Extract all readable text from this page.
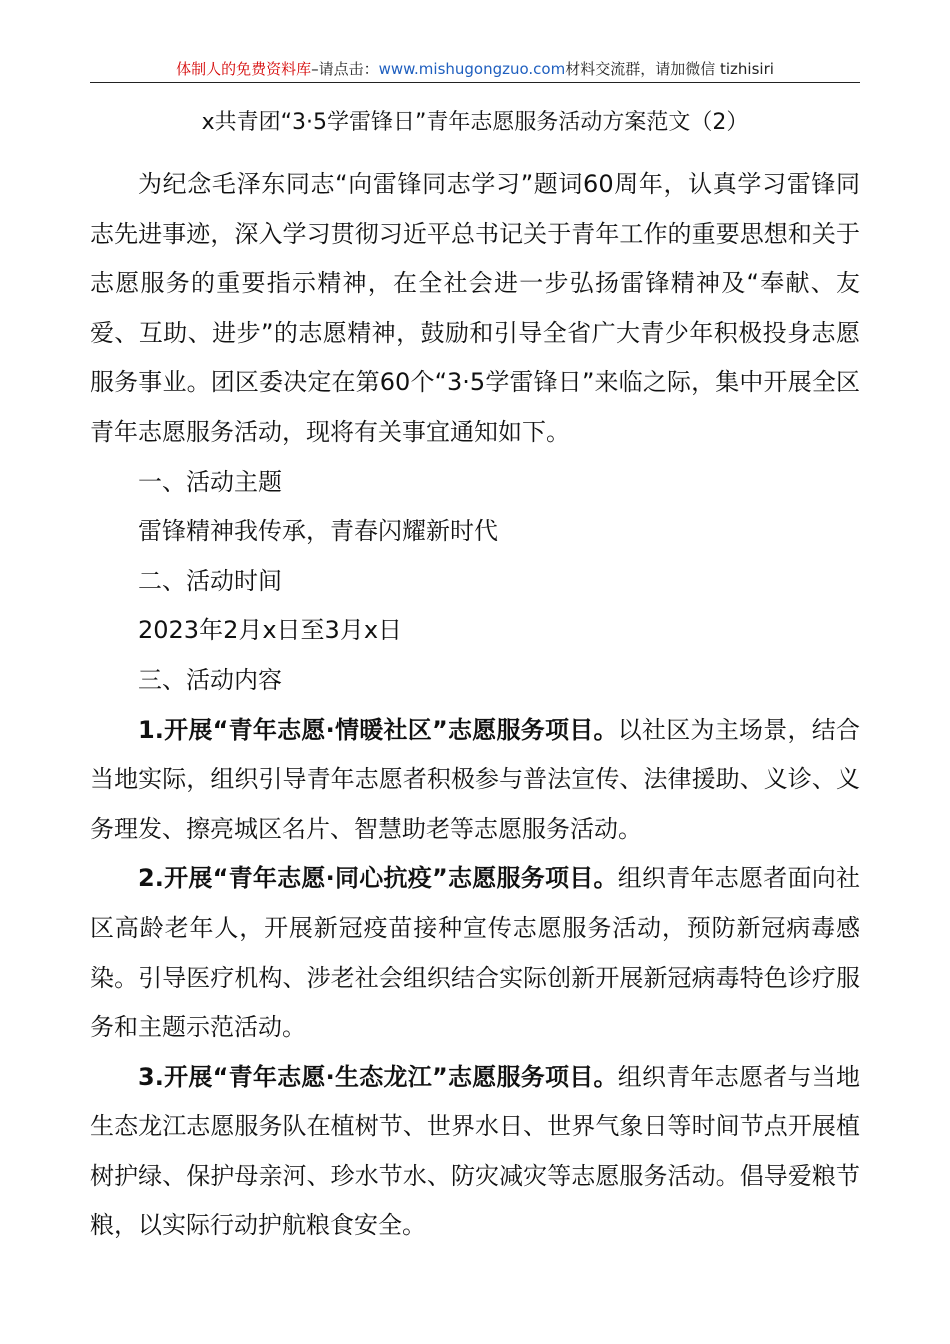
体制人的免费资料库–请点击：www.mishugongzuo.com材料交流群，请加微信 tizhisiri
x共青团“3·5学雷锋日”青年志愿服务活动方案范文（2）

为纪念毛泽东同志“向雷锋同志学习”题词60周年，认真学习雷锋同志先进事迹，深入学习贯彻习近平总书记关于青年工作的重要思想和关于志愿服务的重要指示精神，在全社会进一步弘扬雷锋精神及“奉献、友爱、互助、进步”的志愿精神，鼓励和引导全省广大青少年积极投身志愿服务事业。团区委决定在第60个“3·5学雷锋日”来临之际，集中开展全区青年志愿服务活动，现将有关事宜通知如下。

一、活动主题

雷锋精神我传承，青春闪耀新时代

二、活动时间

2023年2月x日至3月x日

三、活动内容

1.开展“青年志愿·情暖社区”志愿服务项目。以社区为主场景，结合当地实际，组织引导青年志愿者积极参与普法宣传、法律援助、义诊、义务理发、擦亮城区名片、智慧助老等志愿服务活动。

2.开展“青年志愿·同心抗疫”志愿服务项目。组织青年志愿者面向社区高龄老年人，开展新冠疫苗接种宣传志愿服务活动，预防新冠病毒感染。引导医疗机构、涉老社会组织结合实际创新开展新冠病毒特色诊疗服务和主题示范活动。

3.开展“青年志愿·生态龙江”志愿服务项目。组织青年志愿者与当地生态龙江志愿服务队在植树节、世界水日、世界气象日等时间节点开展植树护绿、保护母亲河、珍水节水、防灾减灾等志愿服务活动。倡导爱粮节粮，以实际行动护航粮食安全。
